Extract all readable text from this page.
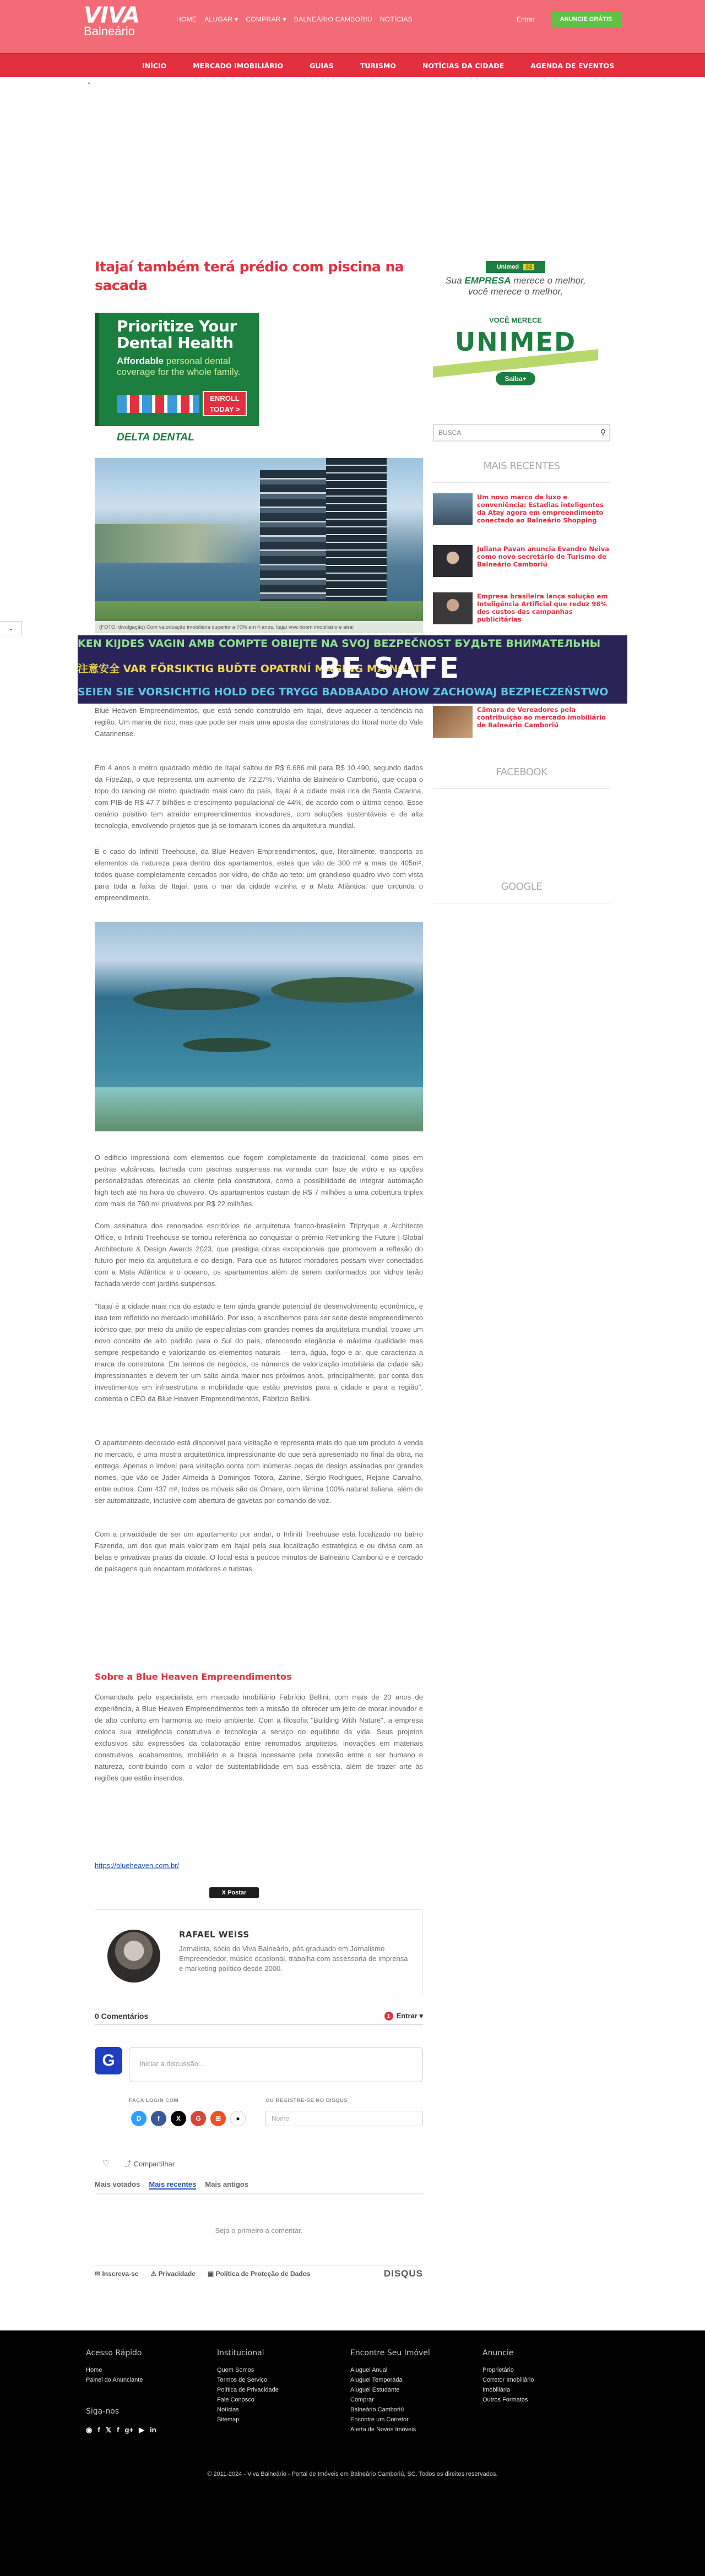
VIVA
Balneário
HOME ALUGAR ▾ COMPRAR ▾ BALNEÁRIO CAMBORIÚ NOTÍCIAS	Entrar	ANUNCIE GRÁTIS
INÍCIO	MERCADO IMOBILIÁRIO	GUIAS	TURISMO	NOTÍCIAS DA CIDADE	AGENDA DE EVENTOS
Itajaí também terá prédio com piscina na sacada
Prioritize Your Dental Health
Affordable personal dental coverage for the whole family.
ENROLL TODAY >
DELTA DENTAL
(FOTO: divulgação) Com valorização imobiliária superior a 70% em 4 anos, Itajaí vive boom imobiliário e atrai
⌄
KEN KIJDES VAGIN AMB COMPTE OBIEJTE NA SVOJ BEZPEČNOST БУДЬТЕ ВНИМАТЕЛЬНЫ
注意安全 VAR FÖRSIKTIG BUĎTE OPATRNÍ MAGING MAINGAT
SEIEN SIE VORSICHTIG HOLD DEG TRYGG BADBAADO AHOW ZACHOWAJ BEZPIECZEŃSTWO
BE SAFE
Blue Heaven Empreendimentos, que está sendo construído em Itajaí, deve aquecer a tendência na região. Um mania de rico, mas que pode ser mais uma aposta das construtoras do litoral norte do Vale Catarinense.
Em 4 anos o metro quadrado médio de Itajaí saltou de R$ 6.686 mil para R$ 10.490, segundo dados da FipeZap, o que representa um aumento de 72,27%. Vizinha de Balneário Camboriú, que ocupa o topo do ranking de metro quadrado mais caro do país, Itajaí é a cidade mais rica de Santa Catarina, com PIB de R$ 47,7 bilhões e crescimento populacional de 44%, de acordo com o último censo. Esse cenário positivo tem atraído empreendimentos inovadores, com soluções sustentáveis e de alta tecnologia, envolvendo projetos que já se tornaram ícones da arquitetura mundial.
É o caso do Infinití Treehouse, da Blue Heaven Empreendimentos, que, literalmente, transporta os elementos da natureza para dentro dos apartamentos, estes que vão de 300 m² a mais de 405m², todos quase completamente cercados por vidro, do chão ao teto: um grandioso quadro vivo com vista para toda a faixa de Itajaí, para o mar da cidade vizinha e a Mata Atlântica, que circunda o empreendimento.
O edifício impressiona com elementos que fogem completamente do tradicional, como pisos em pedras vulcânicas, fachada com piscinas suspensas na varanda com face de vidro e as opções personalizadas oferecidas ao cliente pela construtora, como a possibilidade de integrar automação high tech até na hora do chuveiro. Os apartamentos custam de R$ 7 milhões a uma cobertura triplex com mais de 760 m² privativos por R$ 22 milhões.
Com assinatura dos renomados escritórios de arquitetura franco-brasileiro Triptyque e Architecte Office, o Infiniti Treehouse se tornou referência ao conquistar o prêmio Rethinking the Future | Global Architecture & Design Awards 2023, que prestigia obras excepcionais que promovem a reflexão do futuro por meio da arquitetura e do design. Para que os futuros moradores possam viver conectados com a Mata Atlântica e o oceano, os apartamentos além de serem conformados por vidros terão fachada verde com jardins suspensos.
"Itajaí é a cidade mais rica do estado e tem ainda grande potencial de desenvolvimento econômico, e isso tem refletido no mercado imobiliário. Por isso, a escolhemos para ser sede deste empreendimento icônico que, por meio da união de especialistas com grandes nomes da arquitetura mundial, trouxe um novo conceito de alto padrão para o Sul do país, oferecendo elegância e máxima qualidade mas sempre respeitando e valorizando os elementos naturais – terra, água, fogo e ar, que caracteriza a marca da construtora. Em termos de negócios, os números de valorização imobiliária da cidade são impressionantes e devem ter um salto ainda maior nos próximos anos, principalmente, por conta dos investimentos em infraestrutura e mobilidade que estão previstos para a cidade e para a região", comenta o CEO da Blue Heaven Empreendimentos, Fabrício Bellini.
O apartamento decorado está disponível para visitação e representa mais do que um produto à venda no mercado, é uma mostra arquitetônica impressionante do que será apresentado no final da obra, na entrega. Apenas o imóvel para visitação conta com inúmeras peças de design assinadas por grandes nomes, que vão de Jader Almeida à Domingos Totora, Zanine, Sérgio Rodrigues, Rejane Carvalho, entre outros. Com 437 m², todos os móveis são da Ornare, com lâmina 100% natural italiana, além de ser automatizado, inclusive com abertura de gavetas por comando de voz.
Com a privacidade de ser um apartamento por andar, o Infiniti Treehouse está localizado no bairro Fazenda, um dos que mais valorizam em Itajaí pela sua localização estratégica e ou divisa com as belas e privativas praias da cidade. O local está a poucos minutos de Balneário Camboriú e é cercado de paisagens que encantam moradores e turistas.
Sobre a Blue Heaven Empreendimentos
Comandada pelo especialista em mercado imobiliário Fabrício Bellini, com mais de 20 anos de experiência, a Blue Heaven Empreendimentos tem a missão de oferecer um jeito de morar inovador e de alto conforto em harmonia ao meio ambiente. Com a filosofia "Building With Nature", a empresa coloca sua inteligência construtiva e tecnologia a serviço do equilíbrio da vida. Seus projetos exclusivos são expressões da colaboração entre renomados arquitetos, inovações em materiais construtivos, acabamentos, mobiliário e a busca incessante pela conexão entre o ser humano e natureza, contribuindo com o valor de sustentabilidade em sua essência, além de trazer arte às regiões que estão inseridos.
https://blueheaven.com.br/
X Postar
RAFAEL WEISS
Jornalista, sócio do Viva Balneário, pós graduado em Jornalismo Empreendedor, músico ocasional, trabalha com assessoria de imprensa e marketing político desde 2000.
0 Comentários	1 Entrar ▾
G	Iniciar a discussão...
FAÇA LOGIN COM	OU REGISTRE-SE NO DISQUS
D	f	X	G	⊞	●	Nome
♡ ⤴ Compartilhar
Mais votados Mais recentes Mais antigos
Seja o primeiro a comentar.
✉ Inscreva-se ⚠ Privacidade ▣ Política de Proteção de Dados	DISQUS
Unimed	32
Sua EMPRESA merece o melhor,
você merece o melhor,
VOCÊ MERECE
UNIMED
Saiba+
BUSCA	⚲
MAIS RECENTES
Um novo marco de luxo e conveniência: Estadias inteligentes da Atay agora em empreendimento conectado ao Balneário Shopping
Juliana Pavan anuncia Evandro Neiva como novo secretário de Turismo de Balneário Camboriú
Empresa brasileira lança solução em Inteligência Artificial que reduz 98% dos custos das campanhas publicitárias
Câmara de Vereadores pela contribuição ao mercado imobiliário de Balneário Camboriú
FACEBOOK
GOOGLE
Acesso Rápido
Home
Painel do Anunciante
Institucional
Quem Somos
Termos de Serviço
Política de Privacidade
Fale Conosco
Notícias
Sitemap
Encontre Seu Imóvel
Aluguel Anual
Aluguel Temporada
Aluguel Estudante
Comprar
Balneário Camboriú
Encontre um Corretor
Alerta de Novos Imóveis
Anuncie
Proprietário
Corretor Imobiliário
Imobiliária
Outros Formatos
Siga-nos
◉ f 𝕏 f g+ ▶ in
© 2011-2024 - Viva Balneário - Portal de Imóveis em Balneário Camboriú, SC. Todos os direitos reservados.
